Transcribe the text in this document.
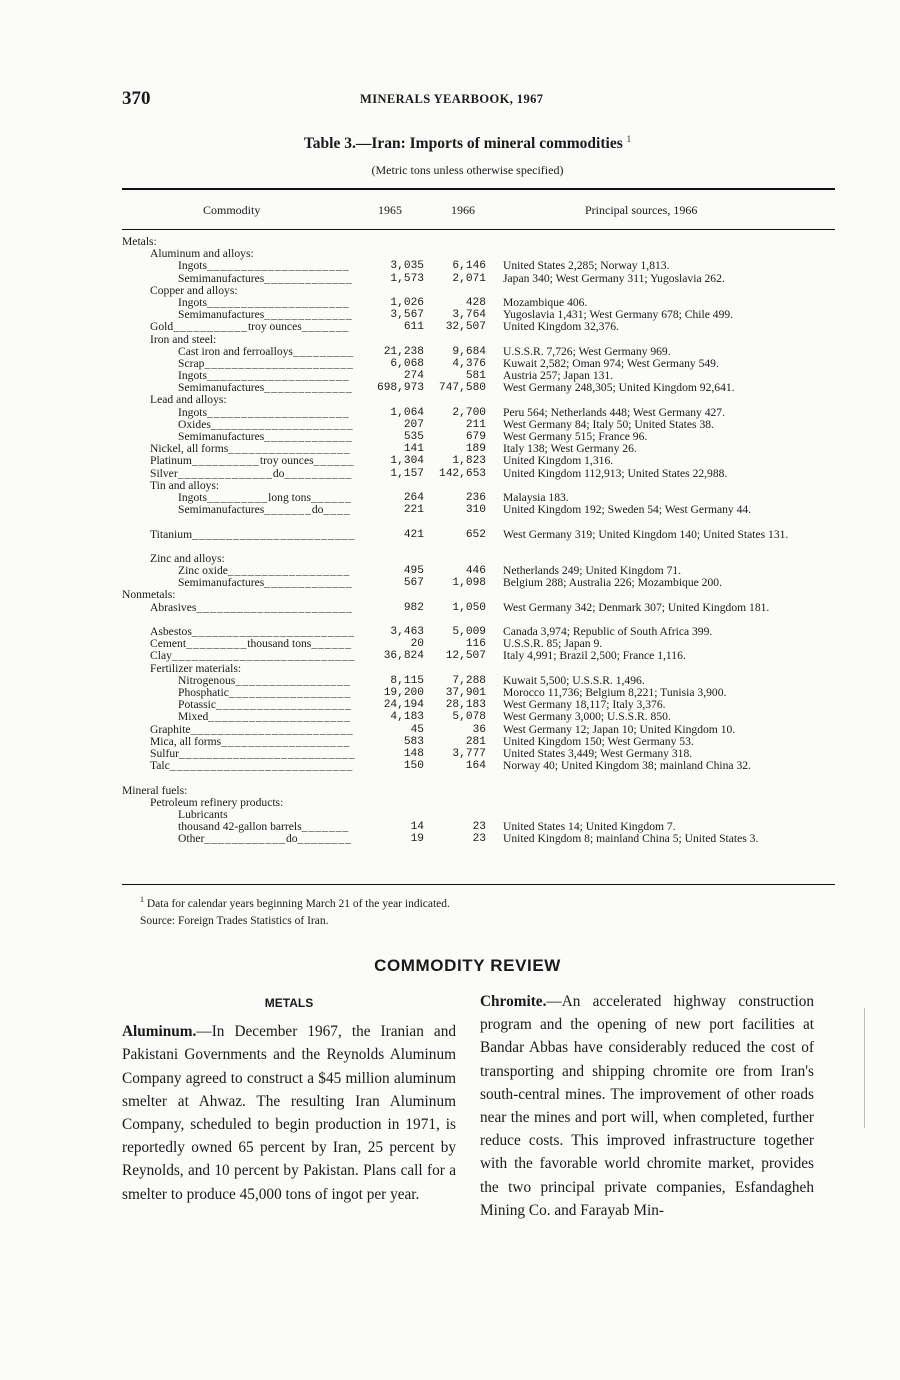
370	MINERALS YEARBOOK, 1967
Table 3.—Iran: Imports of mineral commodities $^1$
(Metric tons unless otherwise specified)
Commodity	1965	1966	Principal sources, 1966
Metals:
Aluminum and alloys:
Ingots_____________________	3,035	6,146 United States 2,285; Norway 1,813.
Semimanufactures_____________	1,573	2,071 Japan 340; West Germany 311; Yugoslavia 262.
Copper and alloys:
Ingots_____________________	1,026	428 Mozambique 406.
Semimanufactures_____________	3,567	3,764 Yugoslavia 1,431; West Germany 678; Chile 499.
Gold___________troy ounces_______	611	32,507 United Kingdom 32,376.
Iron and steel:
Cast iron and ferroalloys_________	21,238	9,684 U.S.S.R. 7,726; West Germany 969.
Scrap______________________	6,068	4,376 Kuwait 2,582; Oman 974; West Germany 549.
Ingots_____________________	274	581 Austria 257; Japan 131.
Semimanufactures_____________	698,973	747,580 West Germany 248,305; United Kingdom 92,641.
Lead and alloys:
Ingots_____________________	1,064	2,700 Peru 564; Netherlands 448; West Germany 427.
Oxides_____________________	207	211 West Germany 84; Italy 50; United States 38.
Semimanufactures_____________	535	679 West Germany 515; France 96.
Nickel, all forms__________________	141	189 Italy 138; West Germany 26.
Platinum__________troy ounces______	1,304	1,823 United Kingdom 1,316.
Silver______________do__________	1,157	142,653 United Kingdom 112,913; United States 22,988.
Tin and alloys:
Ingots_________long tons______	264	236 Malaysia 183.
Semimanufactures_______do____	221	310 United Kingdom 192; Sweden 54; West Germany 44.
Titanium________________________	421	652 West Germany 319; United Kingdom 140; United States 131.
Zinc and alloys:
Zinc oxide__________________	495	446 Netherlands 249; United Kingdom 71.
Semimanufactures_____________	567	1,098 Belgium 288; Australia 226; Mozambique 200.
Nonmetals:
Abrasives_______________________	982	1,050 West Germany 342; Denmark 307; United Kingdom 181.
Asbestos________________________	3,463	5,009 Canada 3,974; Republic of South Africa 399.
Cement_________thousand tons______	20	116 U.S.S.R. 85; Japan 9.
Clay___________________________	36,824	12,507 Italy 4,991; Brazil 2,500; France 1,116.
Fertilizer materials:
Nitrogenous_________________	8,115	7,288 Kuwait 5,500; U.S.S.R. 1,496.
Phosphatic__________________	19,200	37,901 Morocco 11,736; Belgium 8,221; Tunisia 3,900.
Potassic____________________	24,194	28,183 West Germany 18,117; Italy 3,376.
Mixed_____________________	4,183	5,078 West Germany 3,000; U.S.S.R. 850.
Graphite________________________	45	36 West Germany 12; Japan 10; United Kingdom 10.
Mica, all forms___________________	583	281 United Kingdom 150; West Germany 53.
Sulfur__________________________	148	3,777 United States 3,449; West Germany 318.
Talc___________________________	150	164 Norway 40; United Kingdom 38; mainland China 32.
Mineral fuels:
Petroleum refinery products:
Lubricants
thousand 42-gallon barrels_______	14	23 United States 14; United Kingdom 7.
Other____________do________	19	23 United Kingdom 8; mainland China 5; United States 3.
$^1$ Data for calendar years beginning March 21 of the year indicated.
Source: Foreign Trades Statistics of Iran.
COMMODITY REVIEW
METALS

Aluminum.—In December 1967, the Iranian and Pakistani Governments and the Reynolds Aluminum Company agreed to construct a $45 million aluminum smelter at Ahwaz. The resulting Iran Aluminum Company, scheduled to begin production in 1971, is reportedly owned 65 percent by Iran, 25 percent by Reynolds, and 10 percent by Pakistan. Plans call for a smelter to produce 45,000 tons of ingot per year.

Chromite.—An accelerated highway construction program and the opening of new port facilities at Bandar Abbas have considerably reduced the cost of transporting and shipping chromite ore from Iran's south-central mines. The improvement of other roads near the mines and port will, when completed, further reduce costs. This improved infrastructure together with the favorable world chromite market, provides the two principal private companies, Esfandagheh Mining Co. and Farayab Min-
